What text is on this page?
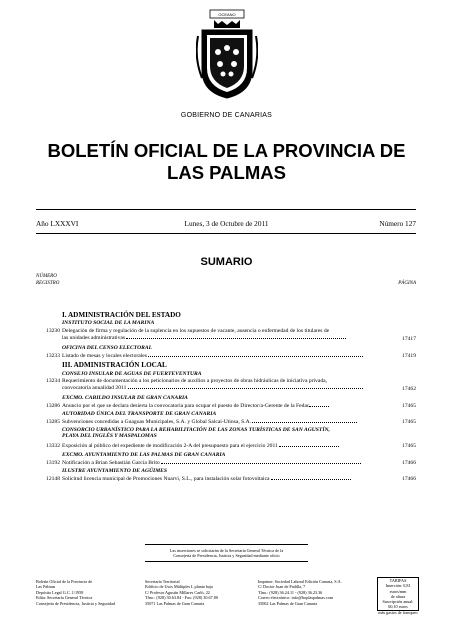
OCEANO
GOBIERNO DE CANARIAS
BOLETÍN OFICIAL DE LA PROVINCIA DE
LAS PALMAS
Año LXXXVI	Lunes, 3 de Octubre de 2011	Número 127
SUMARIO
NÚMERO
REGISTRO	PÁGINA
I. ADMINISTRACIÓN DEL ESTADO
INSTITUTO SOCIAL DE LA MARINA
13230 Delegación de firma y regulación de la suplencia en los supuestos de vacante, ausencia o enfermedad de los titulares de
las unidades administrativas	17417
OFICINA DEL CENSO ELECTORAL
13233 Listado de mesas y locales electorales	17419
III. ADMINISTRACIÓN LOCAL
CONSEJO INSULAR DE AGUAS DE FUERTEVENTURA
13234 Requerimiento de documentación a los peticionarios de auxilios a proyectos de obras hidráulicas de iniciativa privada,
convocatoria anualidad 2011	17462
EXCMO. CABILDO INSULAR DE GRAN CANARIA
13286 Anuncio por el que se declara desierta la convocatoria para ocupar el puesto de Director/a-Gerente de la Fedac	17465
AUTORIDAD ÚNICA DEL TRANSPORTE DE GRAN CANARIA
13285 Subvenciones concedidas a Guaguas Municipales, S.A. y Global Salcai-Utinsa, S.A.	17465
CONSORCIO URBANÍSTICO PARA LA REHABILITACIÓN DE LAS ZONAS TURÍSTICAS DE SAN AGUSTÍN,
PLAYA DEL INGLÉS Y MASPALOMAS
13332 Exposición al público del expediente de modificación 2-A del presupuesto para el ejercicio 2011	17465
EXCMO. AYUNTAMIENTO DE LAS PALMAS DE GRAN CANARIA
13192 Notificación a Brian Sebastián García Brito	17466
ILUSTRE AYUNTAMIENTO DE AGÜIMES
12148 Solicitud licencia municipal de Promociones Nuarvi, S.L., para instalación solar fotovoltaica	17466
Las inserciones se solicitarán de la Secretaría General Técnica de la
Consejería de Presidencia, Justicia y Seguridad mediante oficio
Boletín Oficial de la Provincia de
Las Palmas
Depósito Legal G.C. 1/1958
Edita: Secretaría General Técnica
Consejería de Presidencia, Justicia y Seguridad
Secretaría Territorial
Edificio de Usos Múltiples I, planta baja
C/ Profesor Agustín Millares Carló, 22
Tfno.: (928) 30.63.84 - Fax: (928) 30.67.80
35071 Las Palmas de Gran Canaria
Imprime: Sociedad Laboral Edición Canaria, S.A.
C/ Doctor Juan de Padilla, 7
Tfno.: (928) 36.24.11 - (928) 36.23.36
Correo electrónico: info@boplaspalmas.com
35002 Las Palmas de Gran Canaria
TARIFAS
Inserción: 0,81 euros/mm
de altura
Suscripción anual: 60,10 euros
más gastos de franqueo
